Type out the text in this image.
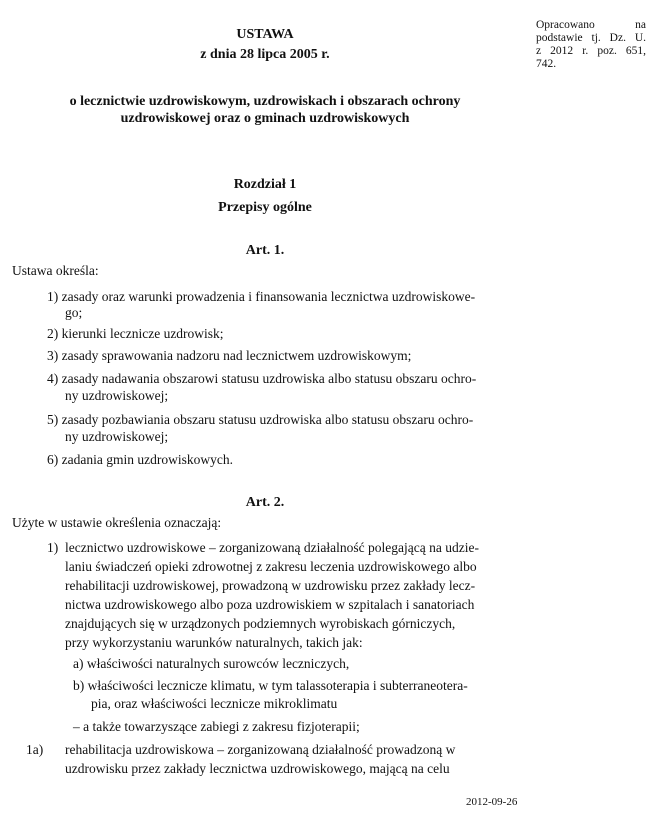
USTAWA
z dnia 28 lipca 2005 r.
o lecznictwie uzdrowiskowym, uzdrowiskach i obszarach ochrony
uzdrowiskowej oraz o gminach uzdrowiskowych
Opracowano na
podstawie tj. Dz. U.
z 2012 r. poz. 651,
742.
Rozdział 1
Przepisy ogólne
Art. 1.
Ustawa określa:
1) zasady oraz warunki prowadzenia i finansowania lecznictwa uzdrowiskowe-
go;
2) kierunki lecznicze uzdrowisk;
3) zasady sprawowania nadzoru nad lecznictwem uzdrowiskowym;
4) zasady nadawania obszarowi statusu uzdrowiska albo statusu obszaru ochro-
ny uzdrowiskowej;
5) zasady pozbawiania obszaru statusu uzdrowiska albo statusu obszaru ochro-
ny uzdrowiskowej;
6) zadania gmin uzdrowiskowych.
Art. 2.
Użyte w ustawie określenia oznaczają:
1) lecznictwo uzdrowiskowe – zorganizowaną działalność polegającą na udzie-
laniu świadczeń opieki zdrowotnej z zakresu leczenia uzdrowiskowego albo
rehabilitacji uzdrowiskowej, prowadzoną w uzdrowisku przez zakłady lecz-
nictwa uzdrowiskowego albo poza uzdrowiskiem w szpitalach i sanatoriach
znajdujących się w urządzonych podziemnych wyrobiskach górniczych,
przy wykorzystaniu warunków naturalnych, takich jak:
a) właściwości naturalnych surowców leczniczych,
b) właściwości lecznicze klimatu, w tym talassoterapia i subterraneotera-
pia, oraz właściwości lecznicze mikroklimatu
– a także towarzyszące zabiegi z zakresu fizjoterapii;
1a) rehabilitacja uzdrowiskowa – zorganizowaną działalność prowadzoną w
uzdrowisku przez zakłady lecznictwa uzdrowiskowego, mającą na celu
2012-09-26
